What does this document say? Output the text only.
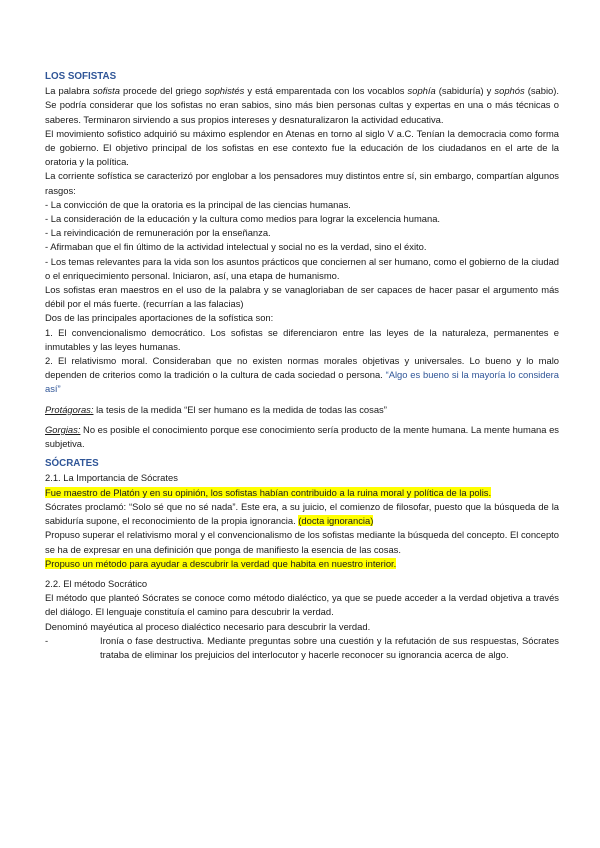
LOS SOFISTAS

La palabra sofista procede del griego sophistés y está emparentada con los vocablos sophía (sabiduría) y sophós (sabio). Se podría considerar que los sofistas no eran sabios, sino más bien personas cultas y expertas en una o más técnicas o saberes. Terminaron sirviendo a sus propios intereses y desnaturalizaron la actividad educativa.

El movimiento sofistico adquirió su máximo esplendor en Atenas en torno al siglo V a.C. Tenían la democracia como forma de gobierno. El objetivo principal de los sofistas en ese contexto fue la educación de los ciudadanos en el arte de la oratoria y la política.

La corriente sofística se caracterizó por englobar a los pensadores muy distintos entre sí, sin embargo, compartían algunos rasgos:

- La convicción de que la oratoria es la principal de las ciencias humanas.

- La consideración de la educación y la cultura como medios para lograr la excelencia humana.

- La reivindicación de remuneración por la enseñanza.

- Afirmaban que el fin último de la actividad intelectual y social no es la verdad, sino el éxito.

- Los temas relevantes para la vida son los asuntos prácticos que conciernen al ser humano, como el gobierno de la ciudad o el enriquecimiento personal. Iniciaron, así, una etapa de humanismo.

Los sofistas eran maestros en el uso de la palabra y se vanagloriaban de ser capaces de hacer pasar el argumento más débil por el más fuerte. (recurrían a las falacias)

Dos de las principales aportaciones de la sofística son:

1. El convencionalismo democrático. Los sofistas se diferenciaron entre las leyes de la naturaleza, permanentes e inmutables y las leyes humanas.

2. El relativismo moral. Consideraban que no existen normas morales objetivas y universales. Lo bueno y lo malo dependen de criterios como la tradición o la cultura de cada sociedad o persona. “Algo es bueno si la mayoría lo considera así”

Protágoras: la tesis de la medida “El ser humano es la medida de todas las cosas”

Gorgias: No es posible el conocimiento porque ese conocimiento sería producto de la mente humana. La mente humana es subjetiva.

SÓCRATES

2.1. La Importancia de Sócrates

Fue maestro de Platón y en su opinión, los sofistas habían contribuido a la ruina moral y política de la polis.

Sócrates proclamó: “Solo sé que no sé nada”. Este era, a su juicio, el comienzo de filosofar, puesto que la búsqueda de la sabiduría supone, el reconocimiento de la propia ignorancia. (docta ignorancia)

Propuso superar el relativismo moral y el convencionalismo de los sofistas mediante la búsqueda del concepto. El concepto se ha de expresar en una definición que ponga de manifiesto la esencia de las cosas.

Propuso un método para ayudar a descubrir la verdad que habita en nuestro interior.

2.2. El método Socrático

El método que planteó Sócrates se conoce como método dialéctico, ya que se puede acceder a la verdad objetiva a través del diálogo. El lenguaje constituía el camino para descubrir la verdad.

Denominó mayéutica al proceso dialéctico necesario para descubrir la verdad.

-	Ironía o fase destructiva. Mediante preguntas sobre una cuestión y la refutación de sus respuestas, Sócrates trataba de eliminar los prejuicios del interlocutor y hacerle reconocer su ignorancia acerca de algo.
